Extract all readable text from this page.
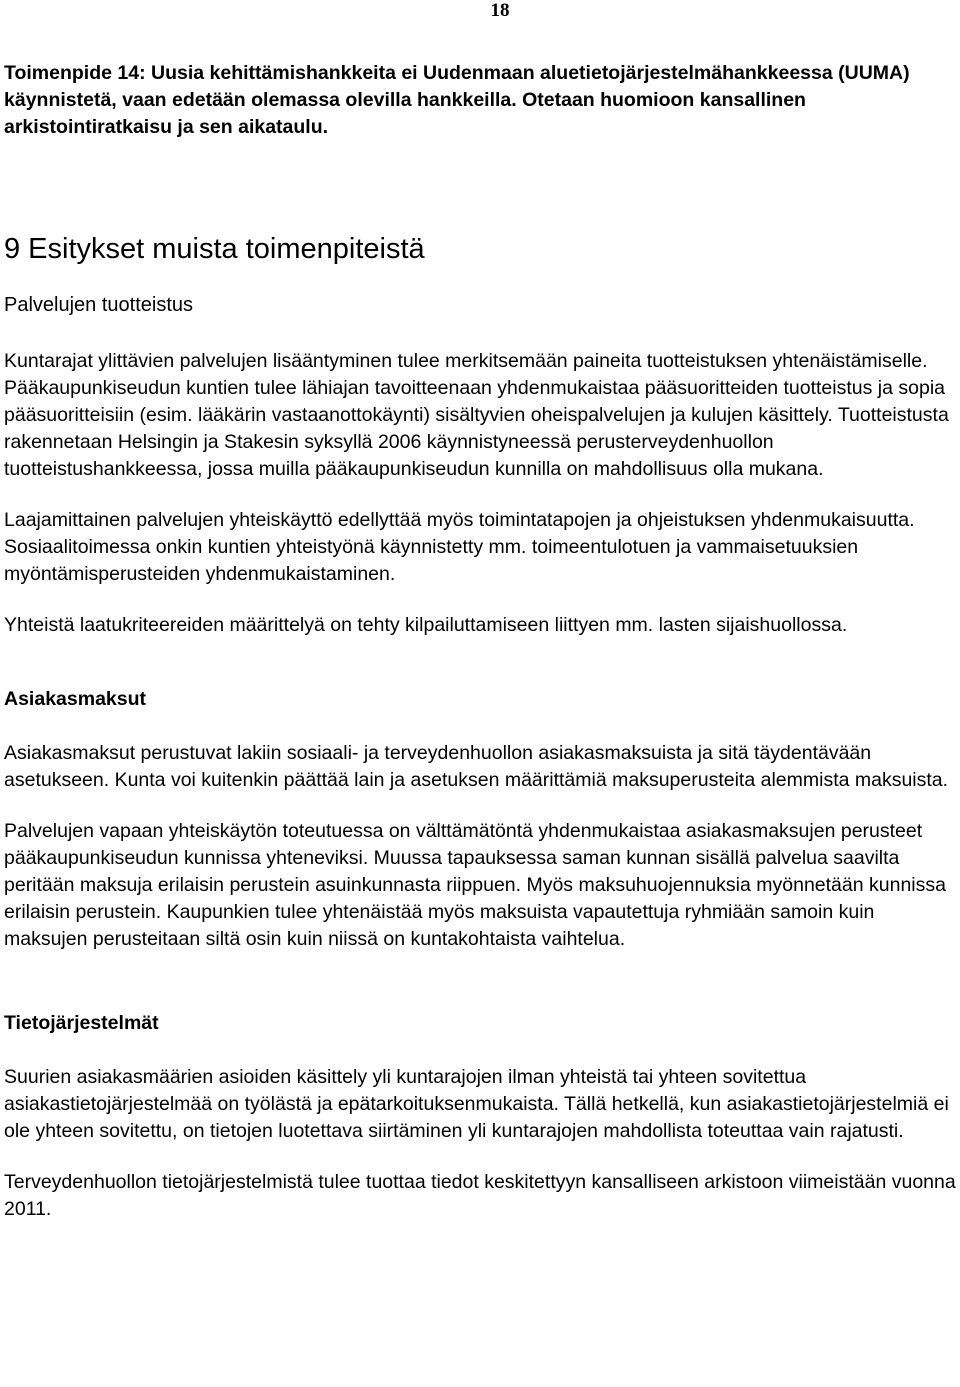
18

Toimenpide 14: Uusia kehittämishankkeita ei Uudenmaan aluetietojärjestelmähankkeessa (UUMA) käynnistetä, vaan edetään olemassa olevilla hankkeilla. Otetaan huomioon kansallinen arkistointiratkaisu ja sen aikataulu.

9 Esitykset muista toimenpiteistä
Palvelujen tuotteistus

Kuntarajat ylittävien palvelujen lisääntyminen tulee merkitsemään paineita tuotteistuksen yhtenäistämiselle. Pääkaupunkiseudun kuntien tulee lähiajan tavoitteenaan yhdenmukaistaa pääsuoritteiden tuotteistus ja sopia pääsuoritteisiin (esim. lääkärin vastaanottokäynti) sisältyvien oheispalvelujen ja kulujen käsittely. Tuotteistusta rakennetaan Helsingin ja Stakesin syksyllä 2006 käynnistyneessä perusterveydenhuollon tuotteistushankkeessa, jossa muilla pääkaupunkiseudun kunnilla on mahdollisuus olla mukana.

Laajamittainen palvelujen yhteiskäyttö edellyttää myös toimintatapojen ja ohjeistuksen yhdenmukaisuutta. Sosiaalitoimessa onkin kuntien yhteistyönä käynnistetty mm. toimeentulotuen ja vammaisetuuksien myöntämisperusteiden yhdenmukaistaminen.

Yhteistä laatukriteereiden määrittelyä on tehty kilpailuttamiseen liittyen mm. lasten sijaishuollossa.

Asiakasmaksut

Asiakasmaksut perustuvat lakiin sosiaali- ja terveydenhuollon asiakasmaksuista ja sitä täydentävään asetukseen. Kunta voi kuitenkin päättää lain ja asetuksen määrittämiä maksuperusteita alemmista maksuista.

Palvelujen vapaan yhteiskäytön toteutuessa on välttämätöntä yhdenmukaistaa asiakasmaksujen perusteet pääkaupunkiseudun kunnissa yhteneviksi. Muussa tapauksessa saman kunnan sisällä palvelua saavilta peritään maksuja erilaisin perustein asuinkunnasta riippuen. Myös maksuhuojennuksia myönnetään kunnissa erilaisin perustein. Kaupunkien tulee yhtenäistää myös maksuista vapautettuja ryhmiään samoin kuin maksujen perusteitaan siltä osin kuin niissä on kuntakohtaista vaihtelua.

Tietojärjestelmät

Suurien asiakasmäärien asioiden käsittely yli kuntarajojen ilman yhteistä tai yhteen sovitettua asiakastietojärjestelmää on työlästä ja epätarkoituksenmukaista. Tällä hetkellä, kun asiakastietojärjestelmiä ei ole yhteen sovitettu, on tietojen luotettava siirtäminen yli kuntarajojen mahdollista toteuttaa vain rajatusti.

Terveydenhuollon tietojärjestelmistä tulee tuottaa tiedot keskitettyyn kansalliseen arkistoon viimeistään vuonna 2011.
